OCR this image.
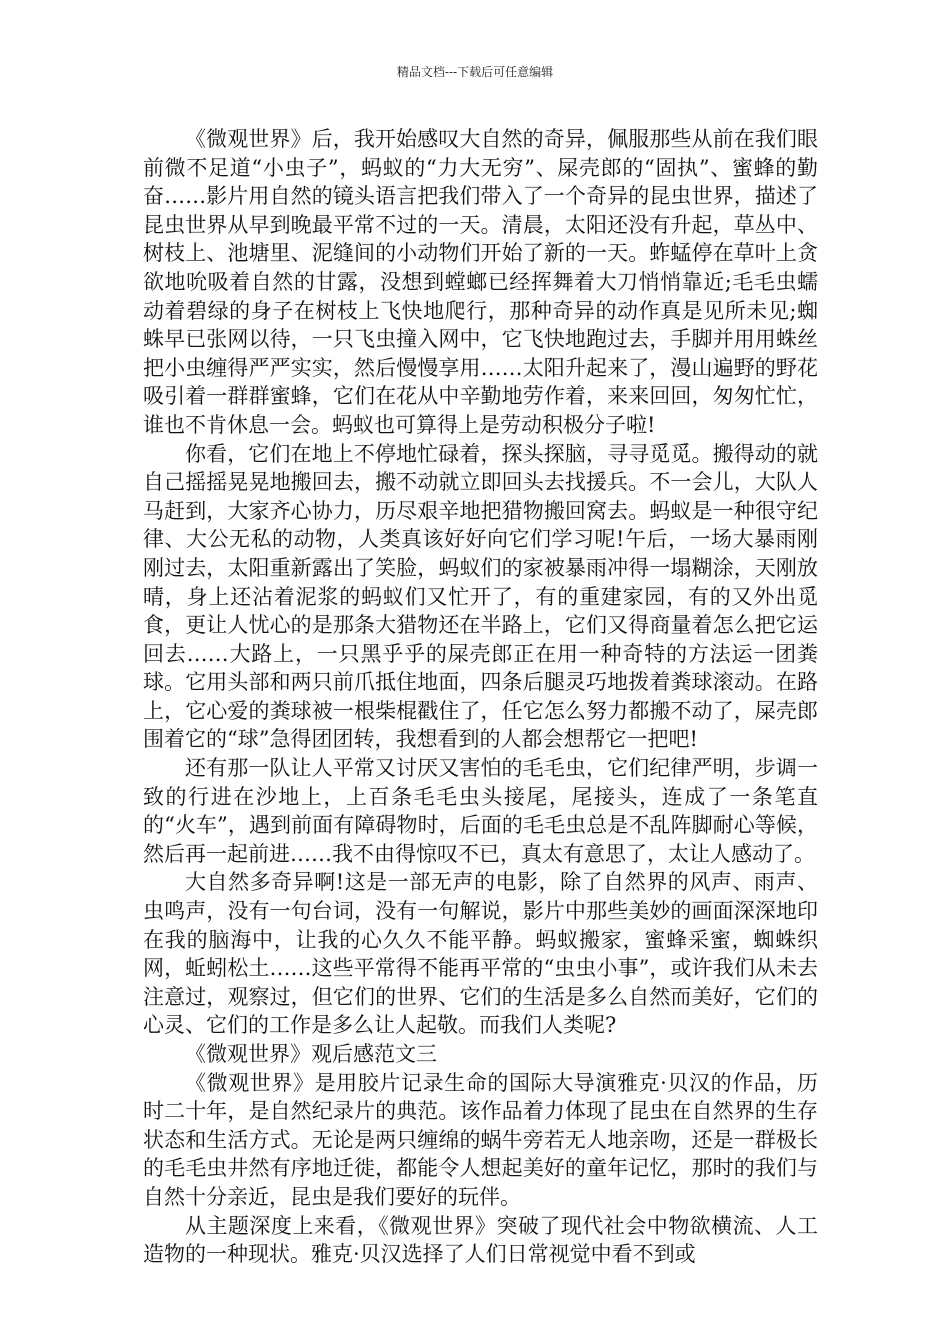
精品文档---下载后可任意编辑

《微观世界》后，我开始感叹大自然的奇异，佩服那些从前在我们眼前微不足道“小虫子”，蚂蚁的“力大无穷”、屎壳郎的“固执”、蜜蜂的勤奋……影片用自然的镜头语言把我们带入了一个奇异的昆虫世界，描述了昆虫世界从早到晚最平常不过的一天。清晨，太阳还没有升起，草丛中、树枝上、池塘里、泥缝间的小动物们开始了新的一天。蚱蜢停在草叶上贪欲地吮吸着自然的甘露，没想到螳螂已经挥舞着大刀悄悄靠近;毛毛虫蠕动着碧绿的身子在树枝上飞快地爬行，那种奇异的动作真是见所未见;蜘蛛早已张网以待，一只飞虫撞入网中，它飞快地跑过去，手脚并用用蛛丝把小虫缠得严严实实，然后慢慢享用……太阳升起来了，漫山遍野的野花吸引着一群群蜜蜂，它们在花从中辛勤地劳作着，来来回回，匆匆忙忙，谁也不肯休息一会。蚂蚁也可算得上是劳动积极分子啦!

你看，它们在地上不停地忙碌着，探头探脑，寻寻觅觅。搬得动的就自己摇摇晃晃地搬回去，搬不动就立即回头去找援兵。不一会儿，大队人马赶到，大家齐心协力，历尽艰辛地把猎物搬回窝去。蚂蚁是一种很守纪律、大公无私的动物，人类真该好好向它们学习呢!午后，一场大暴雨刚刚过去，太阳重新露出了笑脸，蚂蚁们的家被暴雨冲得一塌糊涂，天刚放晴，身上还沾着泥浆的蚂蚁们又忙开了，有的重建家园，有的又外出觅食，更让人忧心的是那条大猎物还在半路上，它们又得商量着怎么把它运回去……大路上，一只黑乎乎的屎壳郎正在用一种奇特的方法运一团粪球。它用头部和两只前爪抵住地面，四条后腿灵巧地拨着粪球滚动。在路上，它心爱的粪球被一根柴棍戳住了，任它怎么努力都搬不动了，屎壳郎围着它的“球”急得团团转，我想看到的人都会想帮它一把吧!

还有那一队让人平常又讨厌又害怕的毛毛虫，它们纪律严明，步调一致的行进在沙地上，上百条毛毛虫头接尾，尾接头，连成了一条笔直的“火车”，遇到前面有障碍物时，后面的毛毛虫总是不乱阵脚耐心等候，然后再一起前进……我不由得惊叹不已，真太有意思了，太让人感动了。

大自然多奇异啊!这是一部无声的电影，除了自然界的风声、雨声、虫鸣声，没有一句台词，没有一句解说，影片中那些美妙的画面深深地印在我的脑海中，让我的心久久不能平静。蚂蚁搬家，蜜蜂采蜜，蜘蛛织网，蚯蚓松土……这些平常得不能再平常的“虫虫小事”，或许我们从未去注意过，观察过，但它们的世界、它们的生活是多么自然而美好，它们的心灵、它们的工作是多么让人起敬。而我们人类呢?

《微观世界》观后感范文三

《微观世界》是用胶片记录生命的国际大导演雅克·贝汉的作品，历时二十年，是自然纪录片的典范。该作品着力体现了昆虫在自然界的生存状态和生活方式。无论是两只缠绵的蜗牛旁若无人地亲吻，还是一群极长的毛毛虫井然有序地迁徙，都能令人想起美好的童年记忆，那时的我们与自然十分亲近，昆虫是我们要好的玩伴。

从主题深度上来看，《微观世界》突破了现代社会中物欲横流、人工造物的一种现状。雅克·贝汉选择了人们日常视觉中看不到或
